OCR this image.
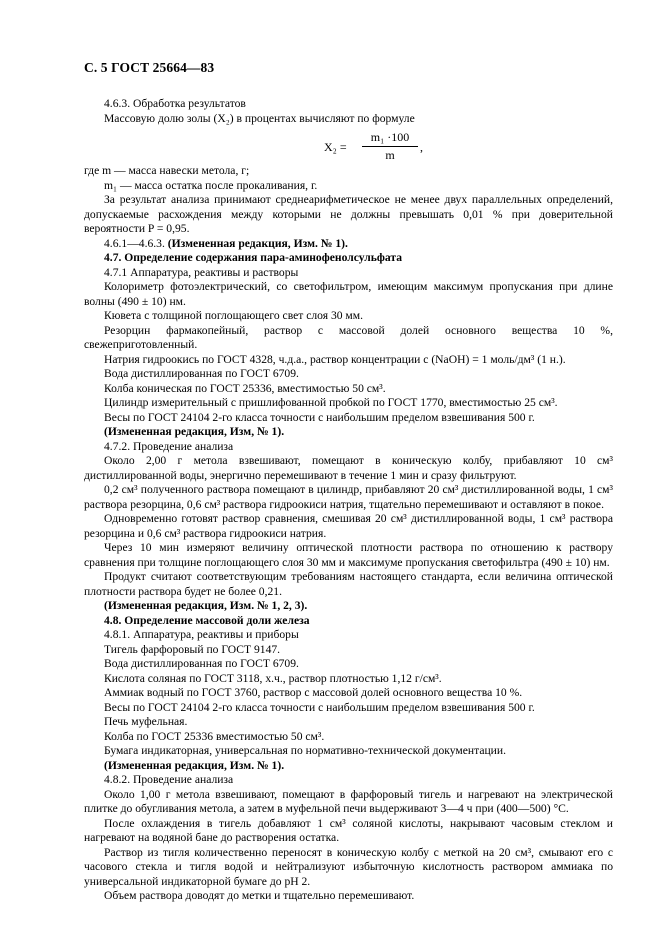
С. 5 ГОСТ 25664—83

4.6.3. Обработка результатов

Массовую долю золы (X₂) в процентах вычисляют по формуле

$X_2 = \frac{\text{m₁ ·100}}{m}$ ,

где m — масса навески метола, г;

m₁ — масса остатка после прокаливания, г.

За результат анализа принимают среднеарифметическое не менее двух параллельных определений, допускаемые расхождения между которыми не должны превышать 0,01 % при доверительной вероятности P = 0,95.

4.6.1—4.6.3. (Измененная редакция, Изм. № 1).

4.7. Определение содержания пара-аминофенолсульфата

4.7.1 Аппаратура, реактивы и растворы

Колориметр фотоэлектрический, со светофильтром, имеющим максимум пропускания при длине волны (490 ± 10) нм.

Кювета с толщиной поглощающего свет слоя 30 мм.

Резорцин фармакопейный, раствор с массовой долей основного вещества 10 %, свежеприготовленный.

Натрия гидроокись по ГОСТ 4328, ч.д.а., раствор концентрации c (NaOH) = 1 моль/дм³ (1 н.).

Вода дистиллированная по ГОСТ 6709.

Колба коническая по ГОСТ 25336, вместимостью 50 см³.

Цилиндр измерительный с пришлифованной пробкой по ГОСТ 1770, вместимостью 25 см³.

Весы по ГОСТ 24104 2-го класса точности с наибольшим пределом взвешивания 500 г.

(Измененная редакция, Изм, № 1).

4.7.2. Проведение анализа

Около 2,00 г метола взвешивают, помещают в коническую колбу, прибавляют 10 см³ дистиллированной воды, энергично перемешивают в течение 1 мин и сразу фильтруют.

0,2 см³ полученного раствора помещают в цилиндр, прибавляют 20 см³ дистиллированной воды, 1 см³ раствора резорцина, 0,6 см³ раствора гидроокиси натрия, тщательно перемешивают и оставляют в покое.

Одновременно готовят раствор сравнения, смешивая 20 см³ дистиллированной воды, 1 см³ раствора резорцина и 0,6 см³ раствора гидроокиси натрия.

Через 10 мин измеряют величину оптической плотности раствора по отношению к раствору сравнения при толщине поглощающего слоя 30 мм и максимуме пропускания светофильтра (490 ± 10) нм.

Продукт считают соответствующим требованиям настоящего стандарта, если величина оптической плотности раствора будет не более 0,21.

(Измененная редакция, Изм. № 1, 2, 3).

4.8. Определение массовой доли железа

4.8.1. Аппаратура, реактивы и приборы

Тигель фарфоровый по ГОСТ 9147.

Вода дистиллированная по ГОСТ 6709.

Кислота соляная по ГОСТ 3118, х.ч., раствор плотностью 1,12 г/см³.

Аммиак водный по ГОСТ 3760, раствор с массовой долей основного вещества 10 %.

Весы по ГОСТ 24104 2-го класса точности с наибольшим пределом взвешивания 500 г.

Печь муфельная.

Колба по ГОСТ 25336 вместимостью 50 см³.

Бумага индикаторная, универсальная по нормативно-технической документации.

(Измененная редакция, Изм. № 1).

4.8.2. Проведение анализа

Около 1,00 г метола взвешивают, помещают в фарфоровый тигель и нагревают на электрической плитке до обугливания метола, а затем в муфельной печи выдерживают 3—4 ч при (400—500) °C.

После охлаждения в тигель добавляют 1 см³ соляной кислоты, накрывают часовым стеклом и нагревают на водяной бане до растворения остатка.

Раствор из тигля количественно переносят в коническую колбу с меткой на 20 см³, смывают его с часового стекла и тигля водой и нейтрализуют избыточную кислотность раствором аммиака по универсальной индикаторной бумаге до pH 2.

Объем раствора доводят до метки и тщательно перемешивают.
